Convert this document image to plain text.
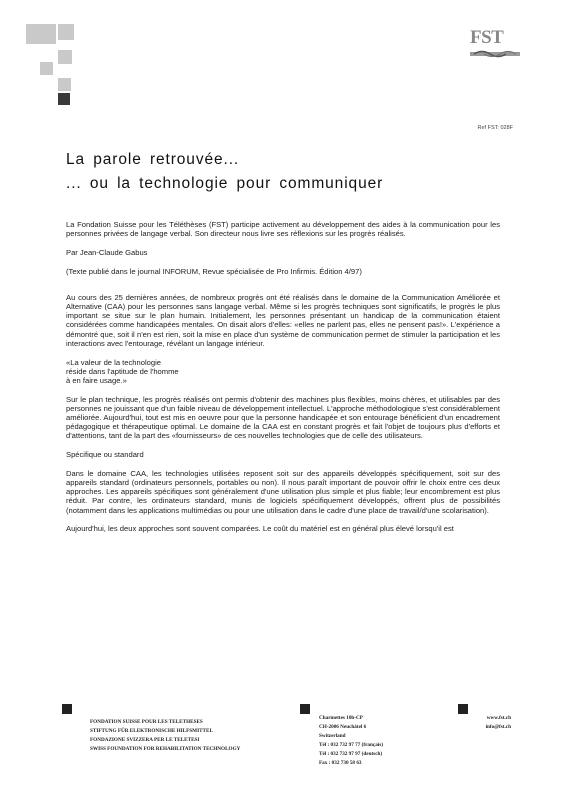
FST
Ref FST: 028F
La parole retrouvée...
... ou la technologie pour communiquer

La Fondation Suisse pour les Téléthèses (FST) participe activement au développement des aides à la communication pour les personnes privées de langage verbal. Son directeur nous livre ses réflexions sur les progrès réalisés.

Par Jean-Claude Gabus

(Texte publié dans le journal INFORUM, Revue spécialisée de Pro Infirmis. Édition 4/97)

Au cours des 25 dernières années, de nombreux progrès ont été réalisés dans le domaine de la Communication Améliorée et Alternative (CAA) pour les personnes sans langage verbal. Même si les progrès techniques sont significatifs, le progrès le plus important se situe sur le plan humain. Initialement, les personnes présentant un handicap de la communication étaient considérées comme handicapées mentales. On disait alors d'elles: «elles ne parlent pas, elles ne pensent pas!». L'expérience a démontré que, soit il n'en est rien, soit la mise en place d'un système de communication permet de stimuler la participation et les interactions avec l'entourage, révélant un langage intérieur.

«La valeur de la technologie
réside dans l'aptitude de l'homme
à en faire usage.»

Sur le plan technique, les progrès réalisés ont permis d'obtenir des machines plus flexibles, moins chères, et utilisables par des personnes ne jouissant que d'un faible niveau de développement intellectuel. L'approche méthodologique s'est considérablement améliorée. Aujourd'hui, tout est mis en oeuvre pour que la personne handicapée et son entourage bénéficient d'un encadrement pédagogique et thérapeutique optimal. Le domaine de la CAA est en constant progrès et fait l'objet de toujours plus d'efforts et d'attentions, tant de la part des «fournisseurs» de ces nouvelles technologies que de celle des utilisateurs.

Spécifique ou standard

Dans le domaine CAA, les technologies utilisées reposent soit sur des appareils développés spécifiquement, soit sur des appareils standard (ordinateurs personnels, portables ou non). Il nous paraît important de pouvoir offrir le choix entre ces deux approches. Les appareils spécifiques sont généralement d'une utilisation plus simple et plus fiable; leur encombrement est plus réduit. Par contre, les ordinateurs standard, munis de logiciels spécifiquement développés, offrent plus de possibilités (notamment dans les applications multimédias ou pour une utilisation dans le cadre d'une place de travail/d'une scolarisation).

Aujourd'hui, les deux approches sont souvent comparées. Le coût du matériel est en général plus élevé lorsqu'il est

FONDATION SUISSE POUR LES TELETHESES
STIFTUNG FÜR ELEKTRONISCHE HILFSMITTEL
FONDAZIONE SVIZZERA PER LE TELETESI
SWISS FOUNDATION FOR REHABILITATION TECHNOLOGY
Charmettes 10b-CP
CH-2006 Neuchâtel 6
Switzerland
Tél : 032 732 97 77 (français)
Tél : 032 732 97 97 (deutsch)
Fax : 032 730 58 63
www.fst.ch
info@fst.ch
